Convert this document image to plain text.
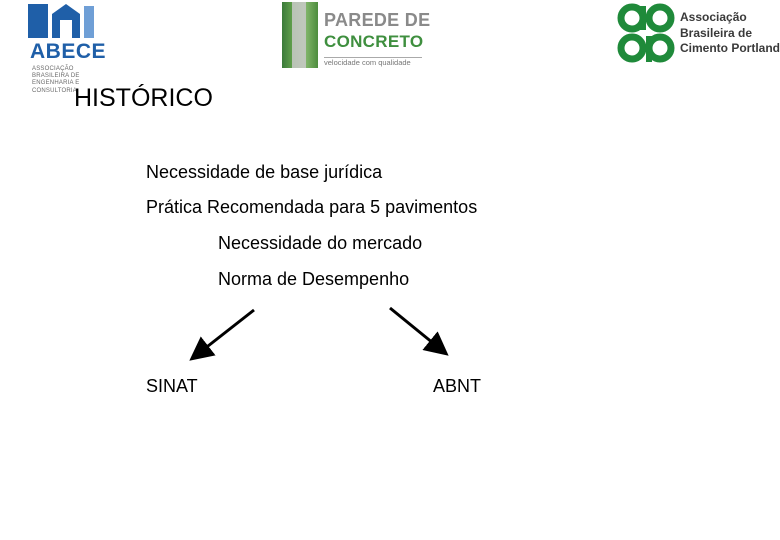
ABECE
ASSOCIAÇÃO BRASILEIRA DE ENGENHARIA E CONSULTORIA
PAREDE DE
CONCRETO
velocidade com qualidade
Associação
Brasileira de
Cimento Portland
HISTÓRICO
Necessidade de base jurídica
Prática Recomendada para 5 pavimentos
Necessidade do mercado
Norma de Desempenho
SINAT	ABNT
